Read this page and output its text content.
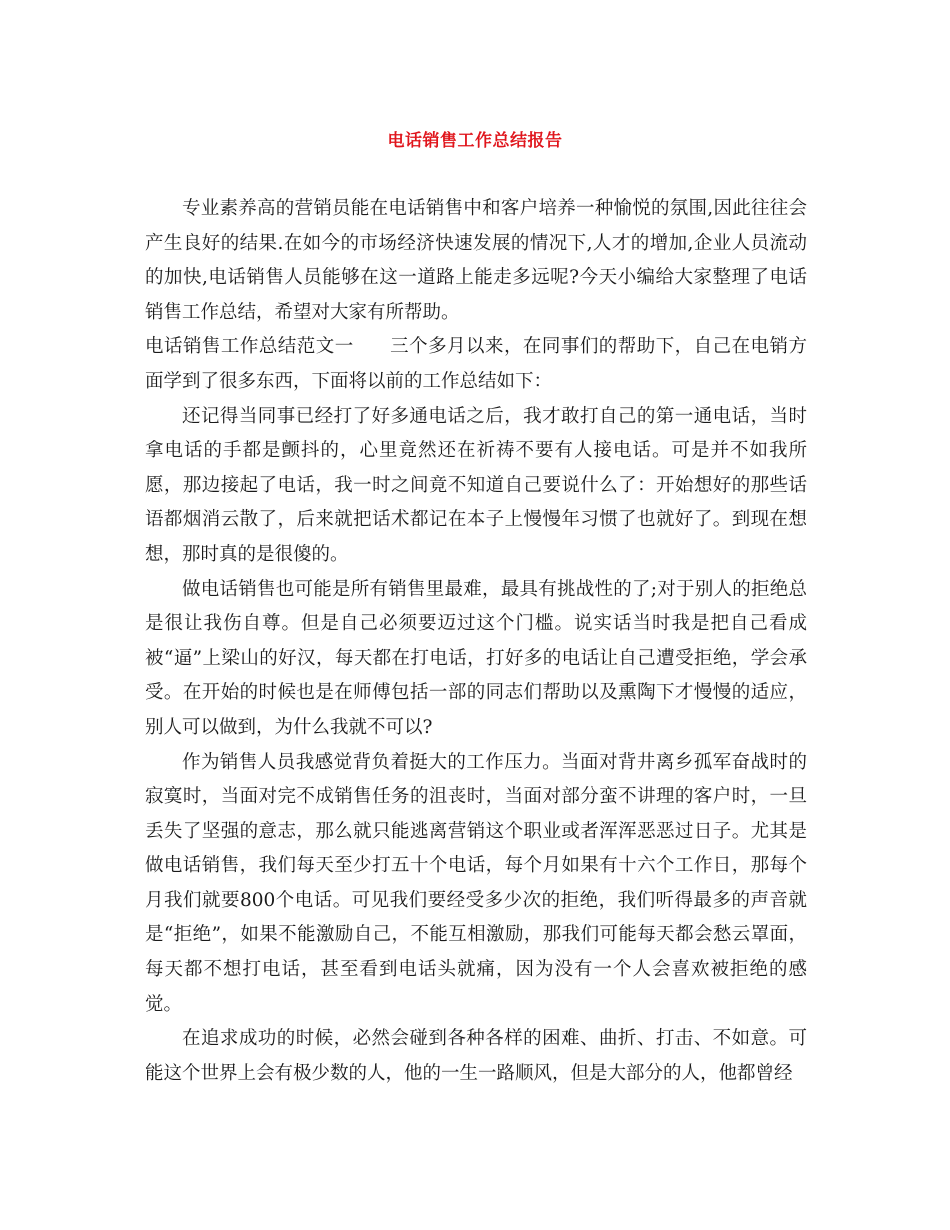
电话销售工作总结报告

专业素养高的营销员能在电话销售中和客户培养一种愉悦的氛围,因此往往会产生良好的结果.在如今的市场经济快速发展的情况下,人才的增加,企业人员流动的加快,电话销售人员能够在这一道路上能走多远呢?今天小编给大家整理了电话销售工作总结，希望对大家有所帮助。

电话销售工作总结范文一 三个多月以来，在同事们的帮助下，自己在电销方面学到了很多东西，下面将以前的工作总结如下：

还记得当同事已经打了好多通电话之后，我才敢打自己的第一通电话，当时拿电话的手都是颤抖的，心里竟然还在祈祷不要有人接电话。可是并不如我所愿，那边接起了电话，我一时之间竟不知道自己要说什么了：开始想好的那些话语都烟消云散了，后来就把话术都记在本子上慢慢年习惯了也就好了。到现在想想，那时真的是很傻的。

做电话销售也可能是所有销售里最难，最具有挑战性的了;对于别人的拒绝总是很让我伤自尊。但是自己必须要迈过这个门槛。说实话当时我是把自己看成被“逼”上梁山的好汉，每天都在打电话，打好多的电话让自己遭受拒绝，学会承受。在开始的时候也是在师傅包括一部的同志们帮助以及熏陶下才慢慢的适应，别人可以做到，为什么我就不可以?

作为销售人员我感觉背负着挺大的工作压力。当面对背井离乡孤军奋战时的寂寞时，当面对完不成销售任务的沮丧时，当面对部分蛮不讲理的客户时，一旦丢失了坚强的意志，那么就只能逃离营销这个职业或者浑浑恶恶过日子。尤其是做电话销售，我们每天至少打五十个电话，每个月如果有十六个工作日，那每个月我们就要800个电话。可见我们要经受多少次的拒绝，我们听得最多的声音就是“拒绝”，如果不能激励自己，不能互相激励，那我们可能每天都会愁云罩面，每天都不想打电话，甚至看到电话头就痛，因为没有一个人会喜欢被拒绝的感觉。

在追求成功的时候，必然会碰到各种各样的困难、曲折、打击、不如意。可能这个世界上会有极少数的人，他的一生一路顺风，但是大部分的人，他都曾经
